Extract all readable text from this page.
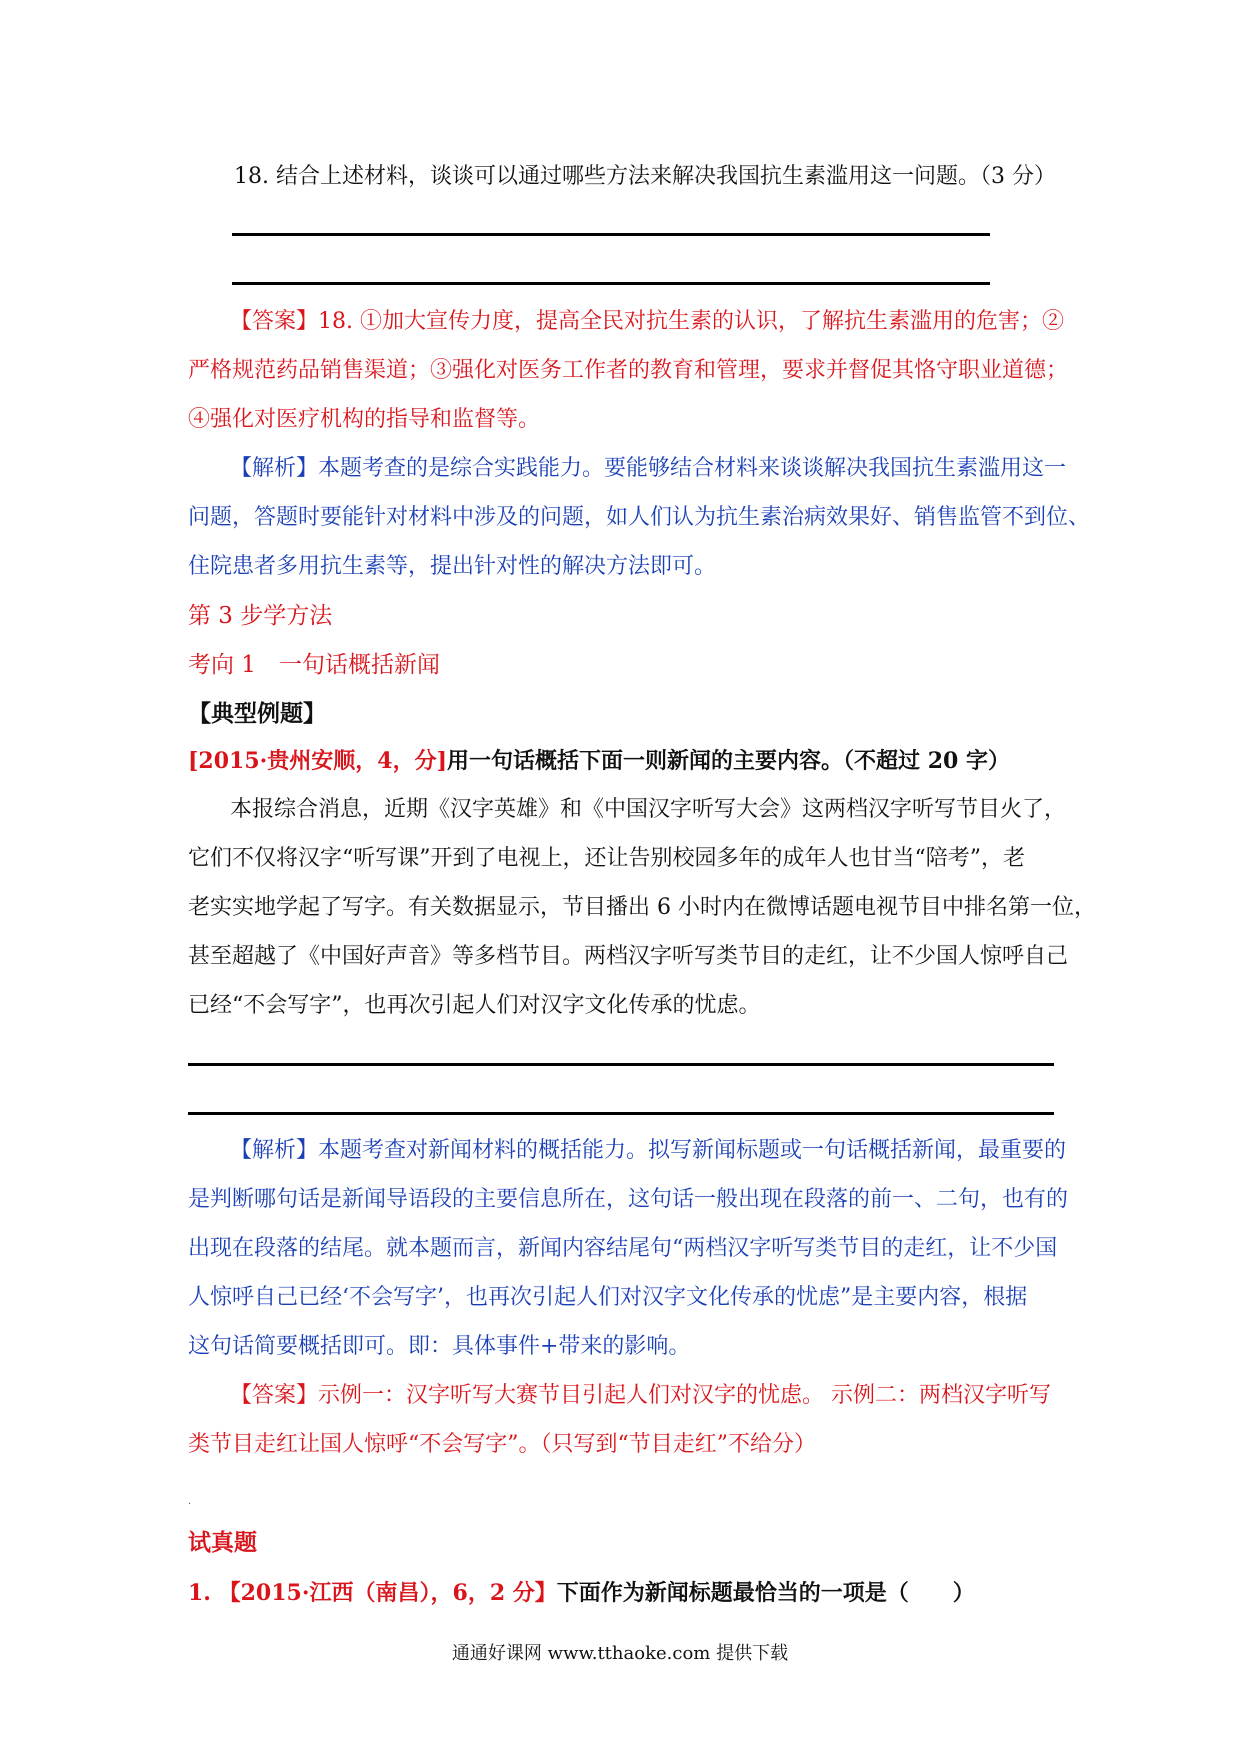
18. 结合上述材料，谈谈可以通过哪些方法来解决我国抗生素滥用这一问题。（3 分）
【答案】18. ①加大宣传力度，提高全民对抗生素的认识，了解抗生素滥用的危害；②
严格规范药品销售渠道；③强化对医务工作者的教育和管理，要求并督促其恪守职业道德；
④强化对医疗机构的指导和监督等。
【解析】本题考查的是综合实践能力。要能够结合材料来谈谈解决我国抗生素滥用这一
问题，答题时要能针对材料中涉及的问题，如人们认为抗生素治病效果好、销售监管不到位、
住院患者多用抗生素等，提出针对性的解决方法即可。
第 3 步学方法
考向 1　一句话概括新闻
【典型例题】
[2015·贵州安顺，4，分]用一句话概括下面一则新闻的主要内容。（不超过 20 字）
本报综合消息，近期《汉字英雄》和《中国汉字听写大会》这两档汉字听写节目火了，
它们不仅将汉字“听写课”开到了电视上，还让告别校园多年的成年人也甘当“陪考”，老
老实实地学起了写字。有关数据显示，节目播出 6 小时内在微博话题电视节目中排名第一位，
甚至超越了《中国好声音》等多档节目。两档汉字听写类节目的走红，让不少国人惊呼自己
已经“不会写字”，也再次引起人们对汉字文化传承的忧虑。
【解析】本题考查对新闻材料的概括能力。拟写新闻标题或一句话概括新闻，最重要的
是判断哪句话是新闻导语段的主要信息所在，这句话一般出现在段落的前一、二句，也有的
出现在段落的结尾。就本题而言，新闻内容结尾句“两档汉字听写类节目的走红，让不少国
人惊呼自己已经‘不会写字’，也再次引起人们对汉字文化传承的忧虑”是主要内容，根据
这句话简要概括即可。即：具体事件+带来的影响。
【答案】示例一：汉字听写大赛节目引起人们对汉字的忧虑。 示例二：两档汉字听写
类节目走红让国人惊呼“不会写字”。（只写到“节目走红”不给分）
.
试真题
1. 【2015·江西（南昌），6，2 分】下面作为新闻标题最恰当的一项是（　　）
通通好课网 www.tthaoke.com 提供下载
